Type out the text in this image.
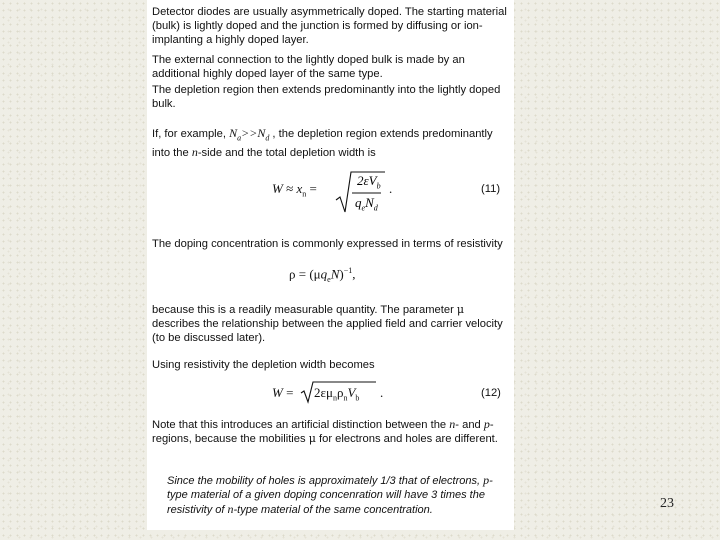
Detector diodes are usually asymmetrically doped. The starting material (bulk) is lightly doped and the junction is formed by diffusing or ion-implanting a highly doped layer.
The external connection to the lightly doped bulk is made by an additional highly doped layer of the same type.
The depletion region then extends predominantly into the lightly doped bulk.
If, for example, $N_a>>N_d$ , the depletion region extends predominantly into the n-side and the total depletion width is
$W \approx x_n$ =
$2\varepsilon V_b$
$q_eN_d$
.	(11)
The doping concentration is commonly expressed in terms of resistivity
$\rho = (\mu q_eN)^{-1}$,
because this is a readily measurable quantity. The parameter μ describes the relationship between the applied field and carrier velocity (to be discussed later).
Using resistivity the depletion width becomes
$W = 2\varepsilon\mu_n\rho_nV_b$ .	(12)
Note that this introduces an artificial distinction between the n- and p- regions, because the mobilities μ for electrons and holes are different.
Since the mobility of holes is approximately 1/3 that of electrons, p-type material of a given doping concenration will have 3 times the resistivity of n-type material of the same concentration.	23
